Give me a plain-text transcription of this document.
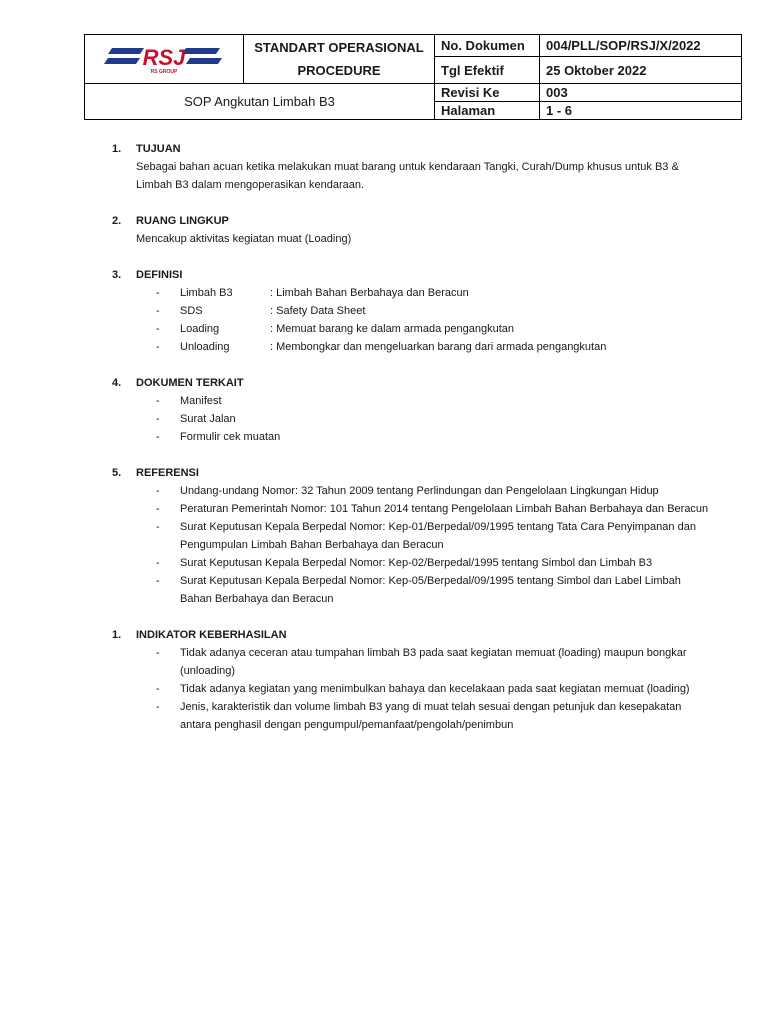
RSJ
RS GROUP	STANDART OPERASIONAL PROCEDURE	No. Dokumen	004/PLL/SOP/RSJ/X/2022
		Tgl Efektif	25 Oktober 2022
SOP Angkutan Limbah B3		Revisi Ke	003
		Halaman	1 - 6
1.	TUJUAN
Sebagai bahan acuan ketika melakukan muat barang untuk kendaraan Tangki, Curah/Dump khusus untuk B3 & Limbah B3 dalam mengoperasikan kendaraan.
2.	RUANG LINGKUP
Mencakup aktivitas kegiatan muat (Loading)
3.	DEFINISI
-	Limbah B3	: Limbah Bahan Berbahaya dan Beracun
-	SDS	: Safety Data Sheet
-	Loading	: Memuat barang ke dalam armada pengangkutan
-	Unloading	: Membongkar dan mengeluarkan barang dari armada pengangkutan
4.	DOKUMEN TERKAIT
-	Manifest
-	Surat Jalan
-	Formulir cek muatan
5.	REFERENSI
-	Undang-undang Nomor: 32 Tahun 2009 tentang Perlindungan dan Pengelolaan Lingkungan Hidup
-	Peraturan Pemerintah Nomor: 101 Tahun 2014 tentang Pengelolaan Limbah Bahan Berbahaya dan Beracun
-	Surat Keputusan Kepala Berpedal Nomor: Kep-01/Berpedal/09/1995 tentang Tata Cara Penyimpanan dan Pengumpulan Limbah Bahan Berbahaya dan Beracun
-	Surat Keputusan Kepala Berpedal Nomor: Kep-02/Berpedal/1995 tentang Simbol dan Limbah B3
-	Surat Keputusan Kepala Berpedal Nomor: Kep-05/Berpedal/09/1995 tentang Simbol dan Label Limbah Bahan Berbahaya dan Beracun
1.	INDIKATOR KEBERHASILAN
-	Tidak adanya ceceran atau tumpahan limbah B3 pada saat kegiatan memuat (loading) maupun bongkar (unloading)
-	Tidak adanya kegiatan yang menimbulkan bahaya dan kecelakaan pada saat kegiatan memuat (loading)
-	Jenis, karakteristik dan volume limbah B3 yang di muat telah sesuai dengan petunjuk dan kesepakatan antara penghasil dengan pengumpul/pemanfaat/pengolah/penimbun
